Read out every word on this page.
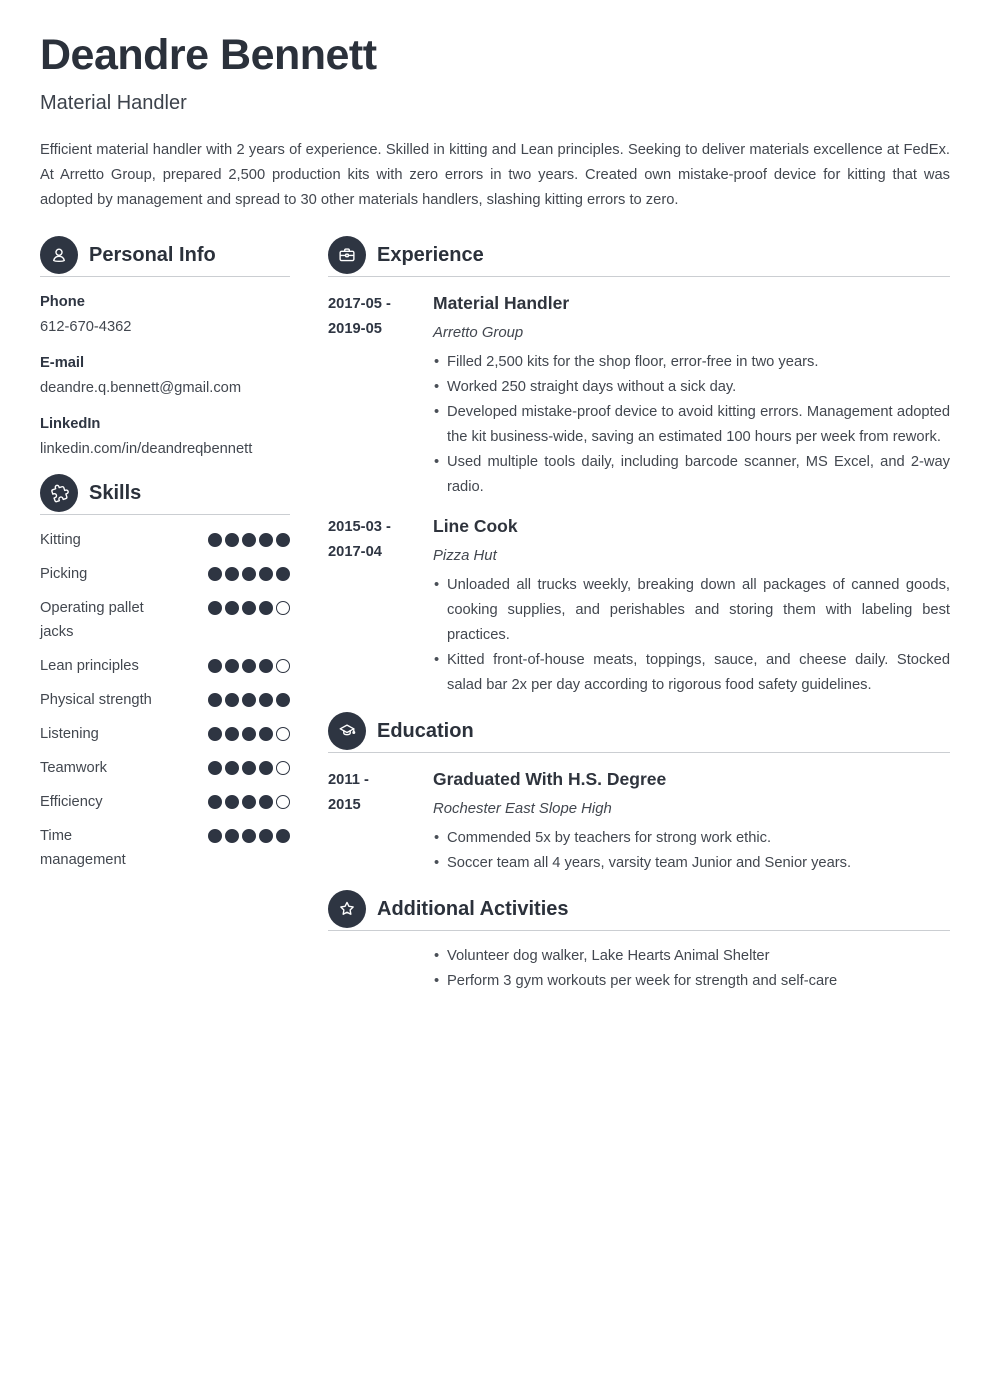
Deandre Bennett
Material Handler

Efficient material handler with 2 years of experience. Skilled in kitting and Lean principles. Seeking to deliver materials excellence at FedEx. At Arretto Group, prepared 2,500 production kits with zero errors in two years. Created own mistake-proof device for kitting that was adopted by management and spread to 30 other materials handlers, slashing kitting errors to zero.

Personal Info
Phone
612-670-4362
E-mail
deandre.q.bennett@gmail.com
LinkedIn
linkedin.com/in/deandreqbennett
Skills
Kitting
Picking
Operating pallet jacks
Lean principles
Physical strength
Listening
Teamwork
Efficiency
Time management
Experience
2017-05 -
2019-05
Material Handler
Arretto Group
• Filled 2,500 kits for the shop floor, error-free in two years.
• Worked 250 straight days without a sick day.
• Developed mistake-proof device to avoid kitting errors. Management adopted the kit business-wide, saving an estimated 100 hours per week from rework.
• Used multiple tools daily, including barcode scanner, MS Excel, and 2-way radio.
2015-03 -
2017-04
Line Cook
Pizza Hut
• Unloaded all trucks weekly, breaking down all packages of canned goods, cooking supplies, and perishables and storing them with labeling best practices.
• Kitted front-of-house meats, toppings, sauce, and cheese daily. Stocked salad bar 2x per day according to rigorous food safety guidelines.
Education
2011 -
2015
Graduated With H.S. Degree
Rochester East Slope High
• Commended 5x by teachers for strong work ethic.
• Soccer team all 4 years, varsity team Junior and Senior years.
Additional Activities
• Volunteer dog walker, Lake Hearts Animal Shelter
• Perform 3 gym workouts per week for strength and self-care
